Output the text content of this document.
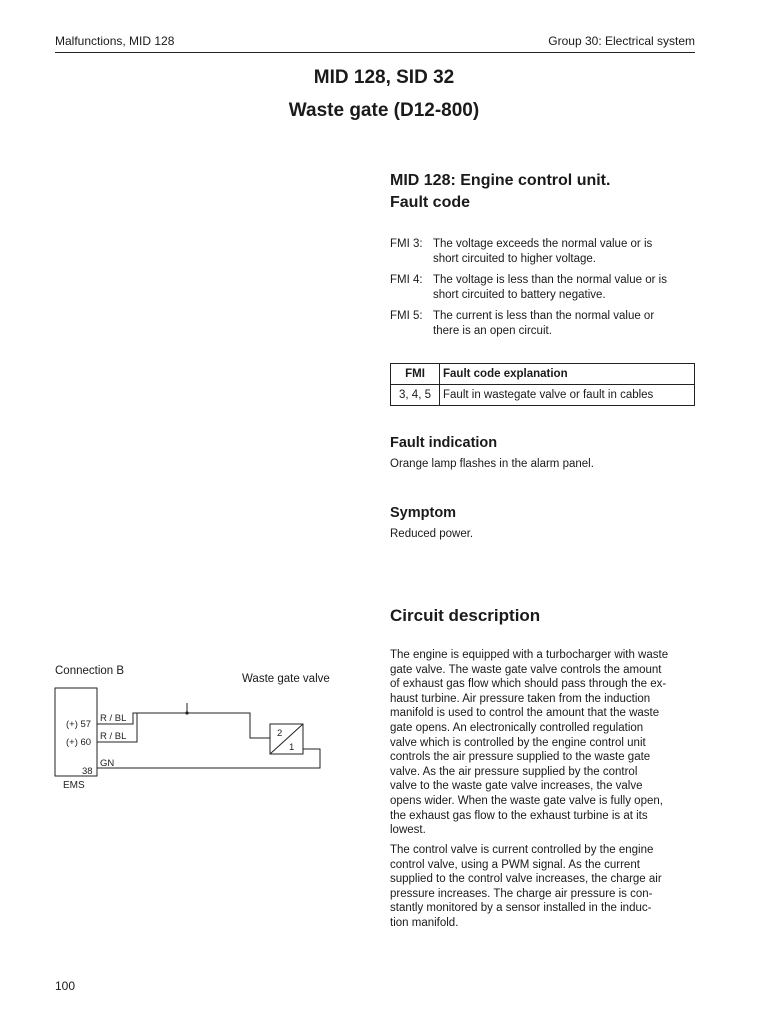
Malfunctions, MID 128	Group 30: Electrical system
MID 128, SID 32
Waste gate (D12-800)
MID 128: Engine control unit.
Fault code
FMI 3: The voltage exceeds the normal value or is
short circuited to higher voltage.
FMI 4: The voltage is less than the normal value or is
short circuited to battery negative.
FMI 5: The current is less than the normal value or
there is an open circuit.
FMI	Fault code explanation
3, 4, 5	Fault in wastegate valve or fault in cables
Fault indication
Orange lamp flashes in the alarm panel.
Symptom
Reduced power.
Circuit description
The engine is equipped with a turbocharger with waste
gate valve. The waste gate valve controls the amount
of exhaust gas flow which should pass through the ex-
haust turbine. Air pressure taken from the induction
manifold is used to control the amount that the waste
gate opens. An electronically controlled regulation
valve which is controlled by the engine control unit
controls the air pressure supplied to the waste gate
valve. As the air pressure supplied by the control
valve to the waste gate valve increases, the valve
opens wider. When the waste gate valve is fully open,
the exhaust gas flow to the exhaust turbine is at its
lowest.
The control valve is current controlled by the engine
control valve, using a PWM signal. As the current
supplied to the control valve increases, the charge air
pressure increases. The charge air pressure is con-
stantly monitored by a sensor installed in the induc-
tion manifold.
Connection B
Waste gate valve
(+) 57
(+) 60
38
R / BL
R / BL
GN
EMS
2
1
100
